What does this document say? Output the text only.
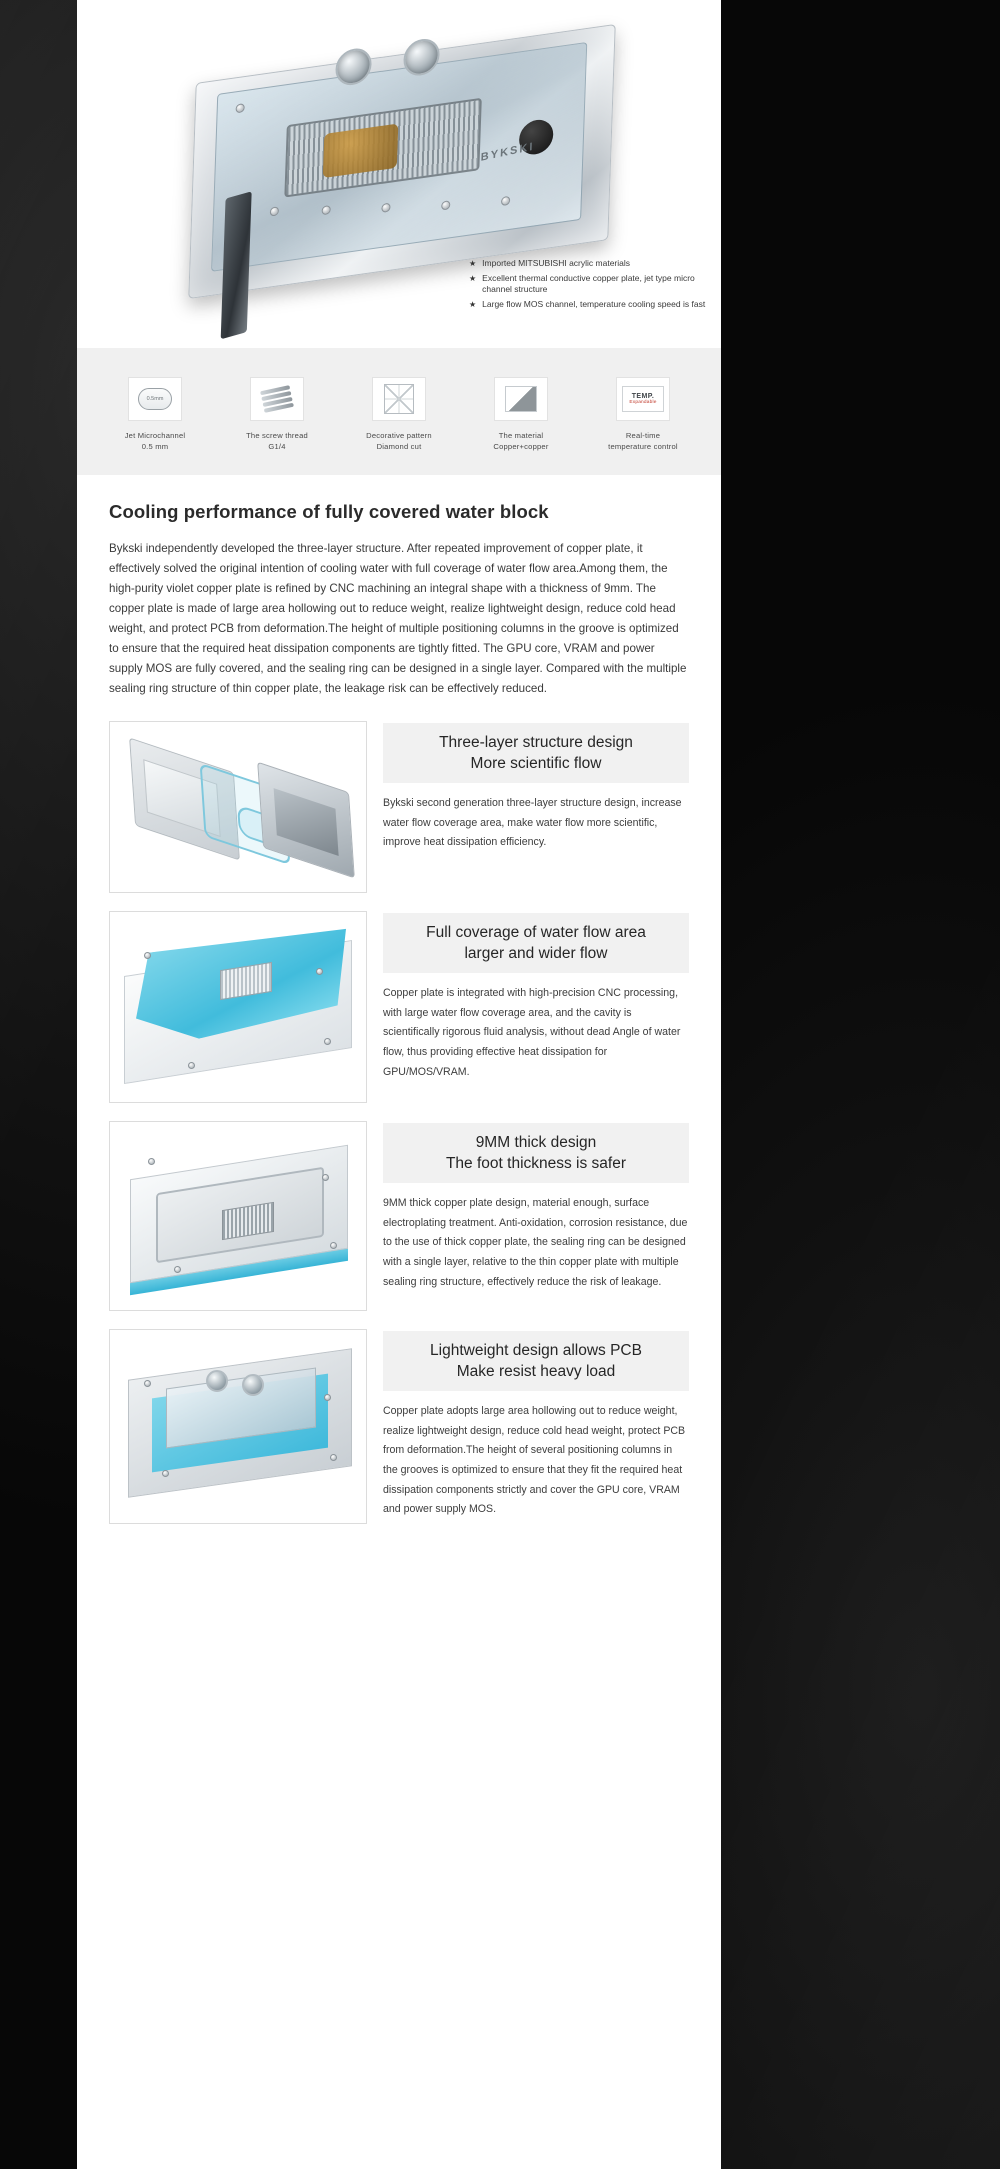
BYKSKI
★ Imported MITSUBISHI acrylic materials
★ Excellent thermal conductive copper plate, jet type micro channel structure
★ Large flow MOS channel, temperature cooling speed is fast
0.5mm
Jet Microchannel
0.5 mm
The screw thread
G1/4
Decorative pattern
Diamond cut
The material
Copper+copper
TEMP.
Expandable
Real-time
temperature control
Cooling performance of fully covered water block

Bykski independently developed the three-layer structure. After repeated improvement of copper plate, it effectively solved the original intention of cooling water with full coverage of water flow area.Among them, the high-purity violet copper plate is refined by CNC machining an integral shape with a thickness of 9mm. The copper plate is made of large area hollowing out to reduce weight, realize lightweight design, reduce cold head weight, and protect PCB from deformation.The height of multiple positioning columns in the groove is optimized to ensure that the required heat dissipation components are tightly fitted. The GPU core, VRAM and power supply MOS are fully covered, and the sealing ring can be designed in a single layer. Compared with the multiple sealing ring structure of thin copper plate, the leakage risk can be effectively reduced.

Three-layer structure design
More scientific flow
Bykski second generation three-layer structure design, increase water flow coverage area, make water flow more scientific, improve heat dissipation efficiency.
Full coverage of water flow area
larger and wider flow
Copper plate is integrated with high-precision CNC processing, with large water flow coverage area, and the cavity is scientifically rigorous fluid analysis, without dead Angle of water flow, thus providing effective heat dissipation for GPU/MOS/VRAM.
9MM thick design
The foot thickness is safer
9MM thick copper plate design, material enough, surface electroplating treatment. Anti-oxidation, corrosion resistance, due to the use of thick copper plate, the sealing ring can be designed with a single layer, relative to the thin copper plate with multiple sealing ring structure, effectively reduce the risk of leakage.
Lightweight design allows PCB
Make resist heavy load
Copper plate adopts large area hollowing out to reduce weight, realize lightweight design, reduce cold head weight, protect PCB from deformation.The height of several positioning columns in the grooves is optimized to ensure that they fit the required heat dissipation components strictly and cover the GPU core, VRAM and power supply MOS.
